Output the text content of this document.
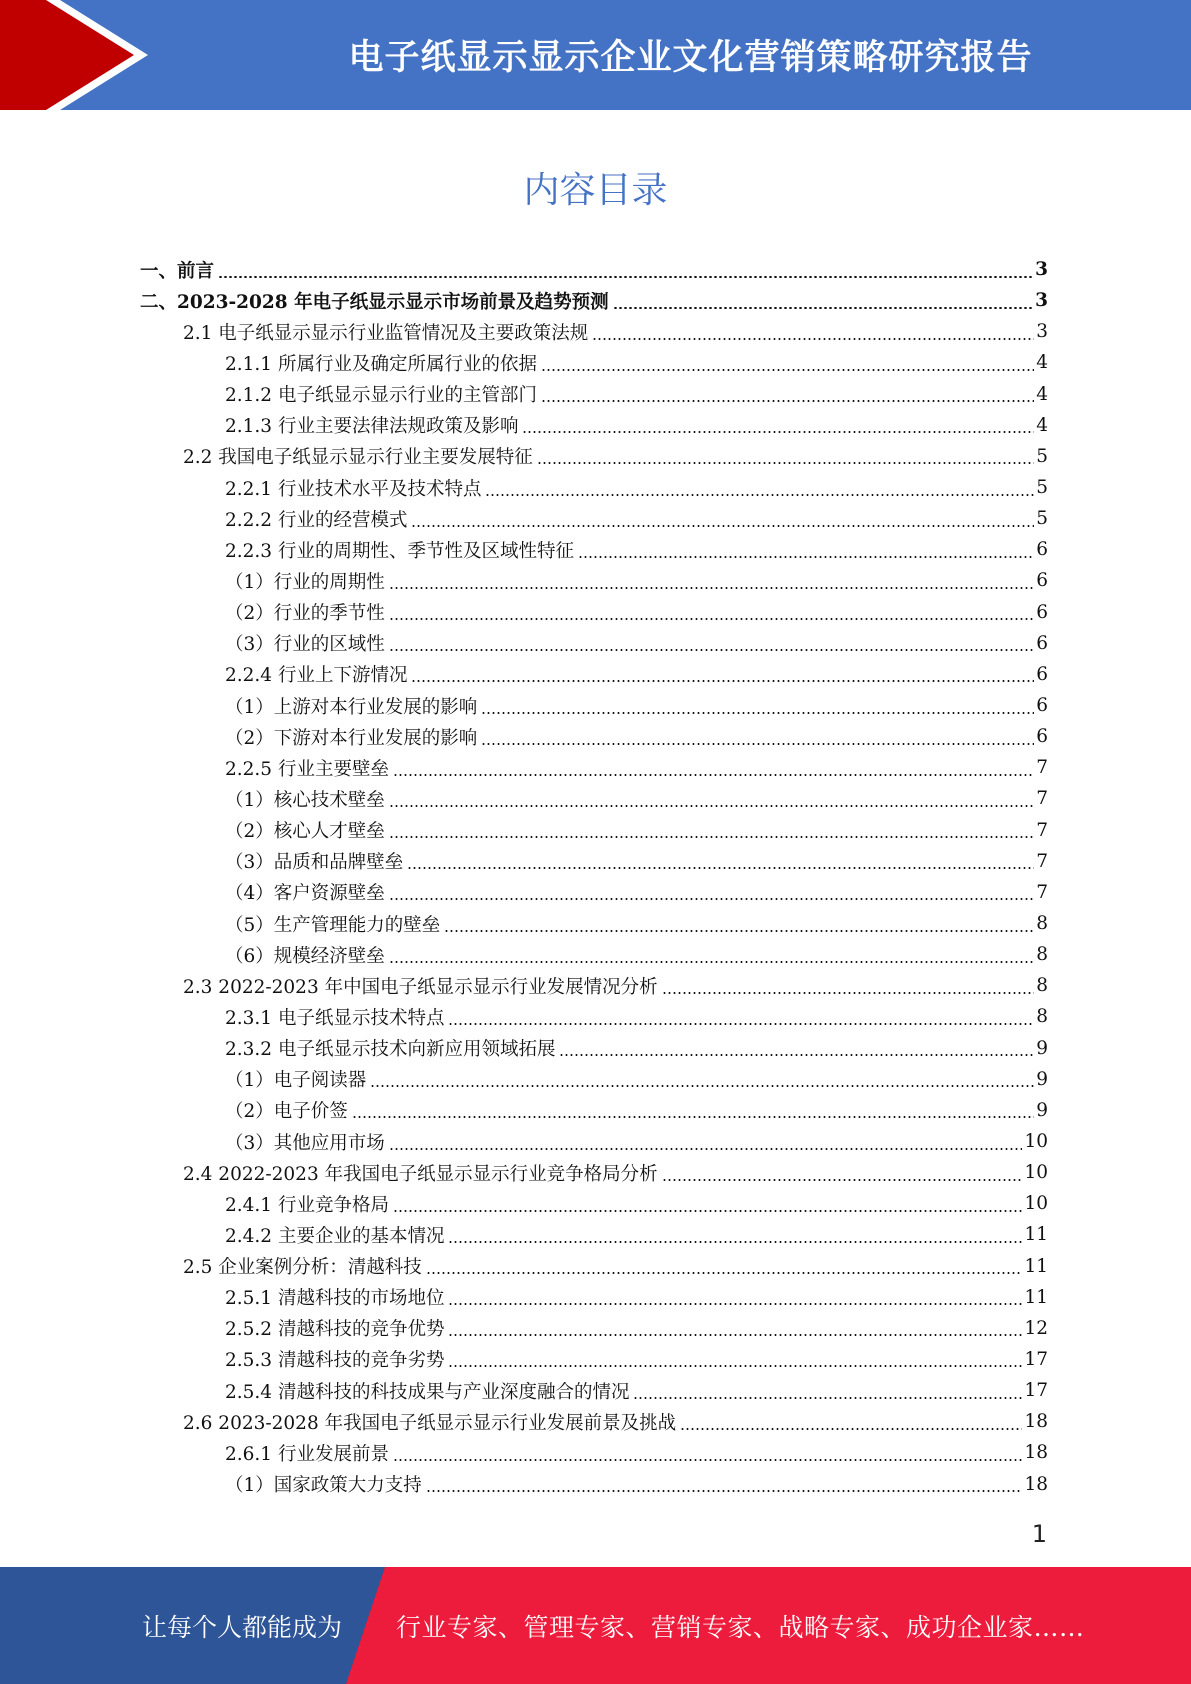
电子纸显示显示企业文化营销策略研究报告
内容目录
一、前言	3
二、2023-2028 年电子纸显示显示市场前景及趋势预测	3
2.1 电子纸显示显示行业监管情况及主要政策法规	3
2.1.1 所属行业及确定所属行业的依据	4
2.1.2 电子纸显示显示行业的主管部门	4
2.1.3 行业主要法律法规政策及影响	4
2.2 我国电子纸显示显示行业主要发展特征	5
2.2.1 行业技术水平及技术特点	5
2.2.2 行业的经营模式	5
2.2.3 行业的周期性、季节性及区域性特征	6
（1）行业的周期性	6
（2）行业的季节性	6
（3）行业的区域性	6
2.2.4 行业上下游情况	6
（1）上游对本行业发展的影响	6
（2）下游对本行业发展的影响	6
2.2.5 行业主要壁垒	7
（1）核心技术壁垒	7
（2）核心人才壁垒	7
（3）品质和品牌壁垒	7
（4）客户资源壁垒	7
（5）生产管理能力的壁垒	8
（6）规模经济壁垒	8
2.3 2022-2023 年中国电子纸显示显示行业发展情况分析	8
2.3.1 电子纸显示技术特点	8
2.3.2 电子纸显示技术向新应用领域拓展	9
（1）电子阅读器	9
（2）电子价签	9
（3）其他应用市场	10
2.4 2022-2023 年我国电子纸显示显示行业竞争格局分析	10
2.4.1 行业竞争格局	10
2.4.2 主要企业的基本情况	11
2.5 企业案例分析：清越科技	11
2.5.1 清越科技的市场地位	11
2.5.2 清越科技的竞争优势	12
2.5.3 清越科技的竞争劣势	17
2.5.4 清越科技的科技成果与产业深度融合的情况	17
2.6 2023-2028 年我国电子纸显示显示行业发展前景及挑战	18
2.6.1 行业发展前景	18
（1）国家政策大力支持	18
1
让每个人都能成为 行业专家、管理专家、营销专家、战略专家、成功企业家……
